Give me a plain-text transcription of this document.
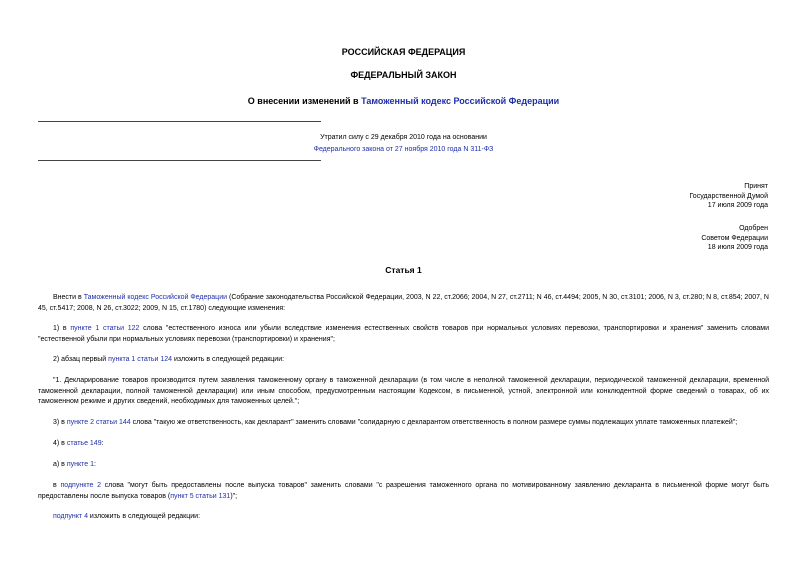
РОССИЙСКАЯ ФЕДЕРАЦИЯ
ФЕДЕРАЛЬНЫЙ ЗАКОН
О внесении изменений в Таможенный кодекс Российской Федерации
Утратил силу с 29 декабря 2010 года на основании
Федерального закона от 27 ноября 2010 года N 311-ФЗ
Принят
Государственной Думой
17 июля 2009 года
Одобрен
Советом Федерации
18 июля 2009 года
Статья 1
Внести в Таможенный кодекс Российской Федерации (Собрание законодательства Российской Федерации, 2003, N 22, ст.2066; 2004, N 27, ст.2711; N 46, ст.4494; 2005, N 30, ст.3101; 2006, N 3, ст.280; N 8, ст.854; 2007, N 45, ст.5417; 2008, N 26, ст.3022; 2009, N 15, ст.1780) следующие изменения:
1) в пункте 1 статьи 122 слова "естественного износа или убыли вследствие изменения естественных свойств товаров при нормальных условиях перевозки, транспортировки и хранения" заменить словами "естественной убыли при нормальных условиях перевозки (транспортировки) и хранения";
2) абзац первый пункта 1 статьи 124 изложить в следующей редакции:
"1. Декларирование товаров производится путем заявления таможенному органу в таможенной декларации (в том числе в неполной таможенной декларации, периодической таможенной декларации, временной таможенной декларации, полной таможенной декларации) или иным способом, предусмотренным настоящим Кодексом, в письменной, устной, электронной или конклюдентной форме сведений о товарах, об их таможенном режиме и других сведений, необходимых для таможенных целей.";
3) в пункте 2 статьи 144 слова "такую же ответственность, как декларант" заменить словами "солидарную с декларантом ответственность в полном размере суммы подлежащих уплате таможенных платежей";
4) в статье 149:
а) в пункте 1:
в подпункте 2 слова "могут быть предоставлены после выпуска товаров" заменить словами "с разрешения таможенного органа по мотивированному заявлению декларанта в письменной форме могут быть предоставлены после выпуска товаров (пункт 5 статьи 131)";
подпункт 4 изложить в следующей редакции:
